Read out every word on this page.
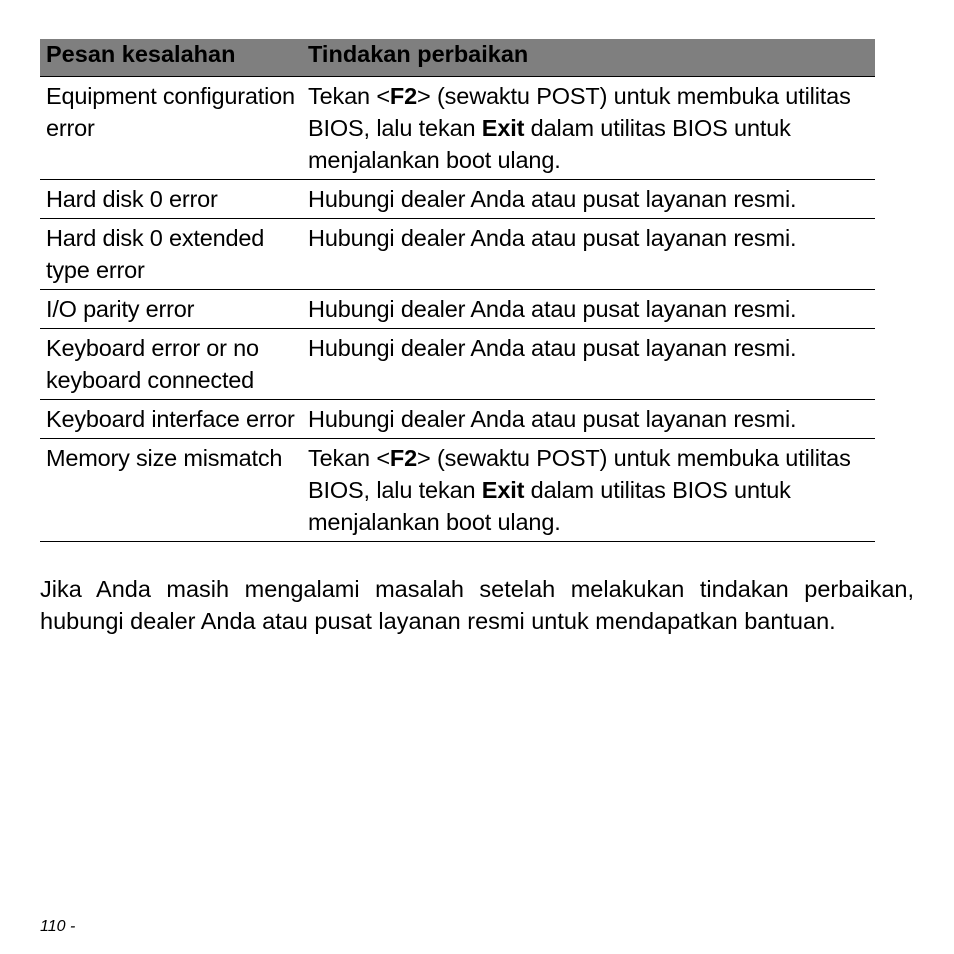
Pesan kesalahan	Tindakan perbaikan
Equipment configuration error	Tekan <F2> (sewaktu POST) untuk membuka utilitas BIOS, lalu tekan Exit dalam utilitas BIOS untuk menjalankan boot ulang.
Hard disk 0 error	Hubungi dealer Anda atau pusat layanan resmi.
Hard disk 0 extended type error	Hubungi dealer Anda atau pusat layanan resmi.
I/O parity error	Hubungi dealer Anda atau pusat layanan resmi.
Keyboard error or no keyboard connected	Hubungi dealer Anda atau pusat layanan resmi.
Keyboard interface error	Hubungi dealer Anda atau pusat layanan resmi.
Memory size mismatch	Tekan <F2> (sewaktu POST) untuk membuka utilitas BIOS, lalu tekan Exit dalam utilitas BIOS untuk menjalankan boot ulang.

Jika Anda masih mengalami masalah setelah melakukan tindakan perbaikan, hubungi dealer Anda atau pusat layanan resmi untuk mendapatkan bantuan.

110 -
